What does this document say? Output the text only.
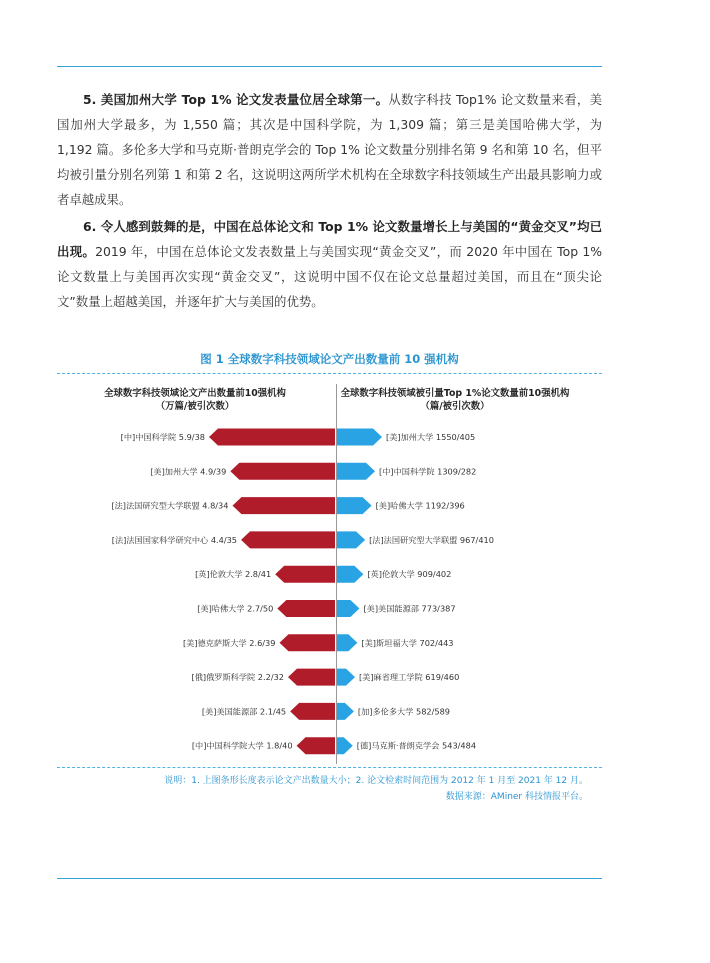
5. 美国加州大学 Top 1% 论文发表量位居全球第一。从数字科技 Top1% 论文数量来看，美国加州大学最多，为 1,550 篇；其次是中国科学院，为 1,309 篇；第三是美国哈佛大学，为 1,192 篇。多伦多大学和马克斯·普朗克学会的 Top 1% 论文数量分别排名第 9 名和第 10 名，但平均被引量分别名列第 1 和第 2 名，这说明这两所学术机构在全球数字科技领域生产出最具影响力或者卓越成果。

6. 令人感到鼓舞的是，中国在总体论文和 Top 1% 论文数量增长上与美国的“黄金交叉”均已出现。2019 年，中国在总体论文发表数量上与美国实现“黄金交叉”，而 2020 年中国在 Top 1% 论文数量上与美国再次实现“黄金交叉”，这说明中国不仅在论文总量超过美国，而且在“顶尖论文”数量上超越美国，并逐年扩大与美国的优势。

图 1 全球数字科技领域论文产出数量前 10 强机构
全球数字科技领域论文产出数量前10强机构
（万篇/被引次数）
全球数字科技领域被引量Top 1%论文数量前10强机构
（篇/被引次数）
[中]中国科学院 5.9/38
[美]加州大学 4.9/39
[法]法国研究型大学联盟 4.8/34
[法]法国国家科学研究中心 4.4/35
[英]伦敦大学 2.8/41
[美]哈佛大学 2.7/50
[美]德克萨斯大学 2.6/39
[俄]俄罗斯科学院 2.2/32
[美]美国能源部 2.1/45
[中]中国科学院大学 1.8/40
[美]加州大学 1550/405
[中]中国科学院 1309/282
[美]哈佛大学 1192/396
[法]法国研究型大学联盟 967/410
[英]伦敦大学 909/402
[美]美国能源部 773/387
[美]斯坦福大学 702/443
[美]麻省理工学院 619/460
[加]多伦多大学 582/589
[德]马克斯·普朗克学会 543/484
说明：1. 上图条形长度表示论文产出数量大小；2. 论文检索时间范围为 2012 年 1 月至 2021 年 12 月。
数据来源：AMiner 科技情报平台。
